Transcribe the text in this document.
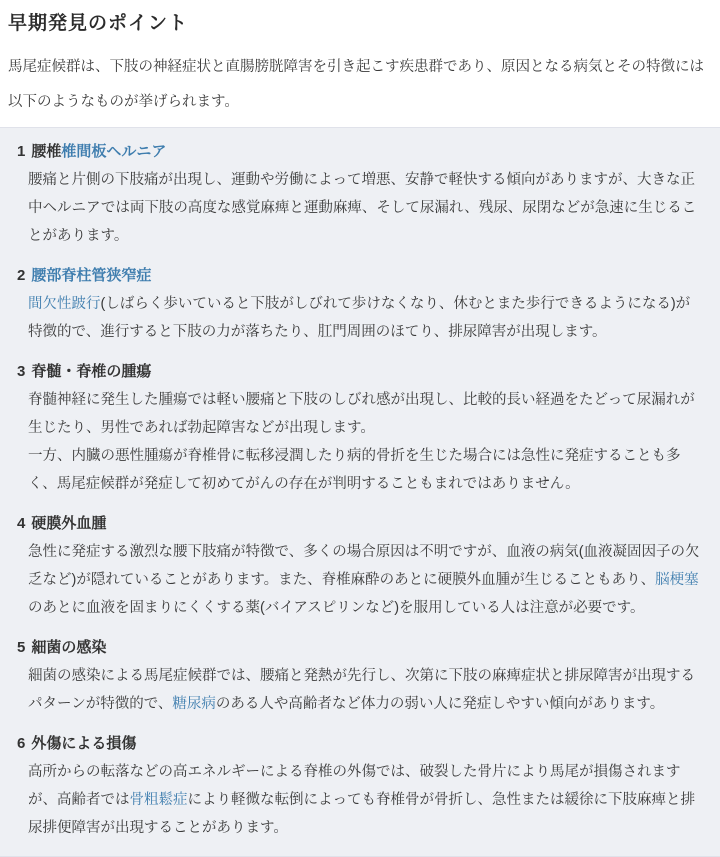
早期発見のポイント

馬尾症候群は、下肢の神経症状と直腸膀胱障害を引き起こす疾患群であり、原因となる病気とその特徴には以下のようなものが挙げられます。

1 腰椎椎間板ヘルニア

腰痛と片側の下肢痛が出現し、運動や労働によって増悪、安静で軽快する傾向がありますが、大きな正中ヘルニアでは両下肢の高度な感覚麻痺と運動麻痺、そして尿漏れ、残尿、尿閉などが急速に生じることがあります。

2 腰部脊柱管狭窄症

間欠性跛行(しばらく歩いていると下肢がしびれて歩けなくなり、休むとまた歩行できるようになる)が特徴的で、進行すると下肢の力が落ちたり、肛門周囲のほてり、排尿障害が出現します。

3 脊髄・脊椎の腫瘍

脊髄神経に発生した腫瘍では軽い腰痛と下肢のしびれ感が出現し、比較的長い経過をたどって尿漏れが生じたり、男性であれば勃起障害などが出現します。

一方、内臓の悪性腫瘍が脊椎骨に転移浸潤したり病的骨折を生じた場合には急性に発症することも多く、馬尾症候群が発症して初めてがんの存在が判明することもまれではありません。

4 硬膜外血腫

急性に発症する激烈な腰下肢痛が特徴で、多くの場合原因は不明ですが、血液の病気(血液凝固因子の欠乏など)が隠れていることがあります。また、脊椎麻酔のあとに硬膜外血腫が生じることもあり、脳梗塞のあとに血液を固まりにくくする薬(バイアスピリンなど)を服用している人は注意が必要です。

5 細菌の感染

細菌の感染による馬尾症候群では、腰痛と発熱が先行し、次第に下肢の麻痺症状と排尿障害が出現するパターンが特徴的で、糖尿病のある人や高齢者など体力の弱い人に発症しやすい傾向があります。

6 外傷による損傷

高所からの転落などの高エネルギーによる脊椎の外傷では、破裂した骨片により馬尾が損傷されますが、高齢者では骨粗鬆症により軽微な転倒によっても脊椎骨が骨折し、急性または緩徐に下肢麻痺と排尿排便障害が出現することがあります。
